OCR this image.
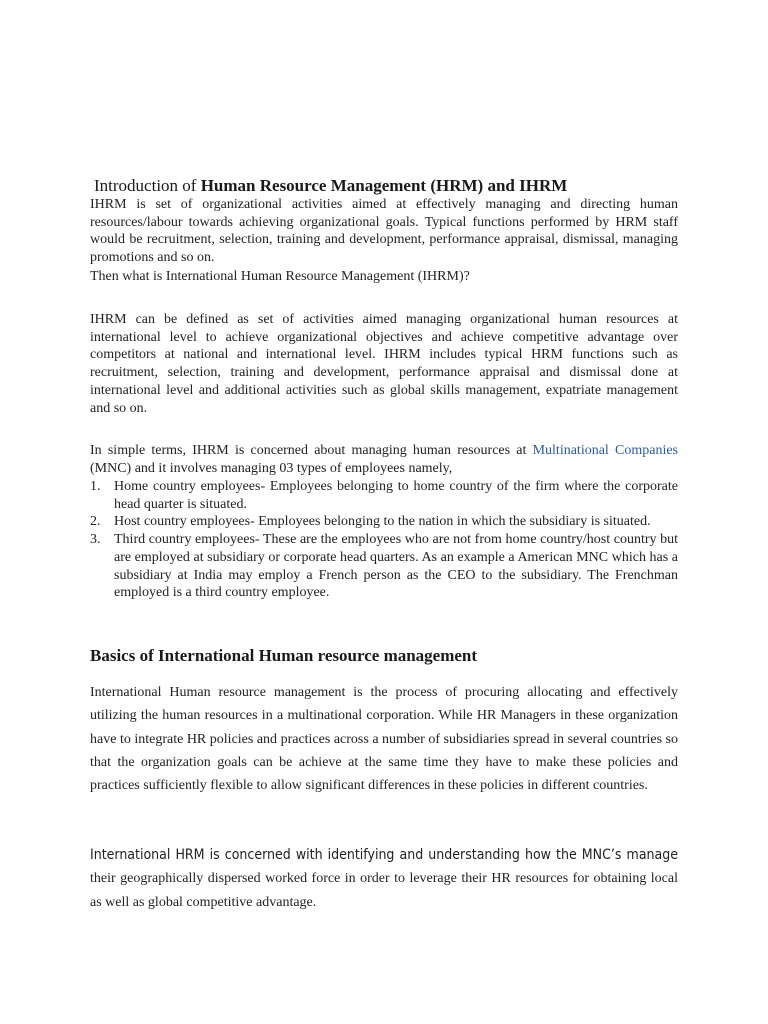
Introduction of Human Resource Management (HRM) and IHRM

IHRM is set of organizational activities aimed at effectively managing and directing human resources/labour towards achieving organizational goals. Typical functions performed by HRM staff would be recruitment, selection, training and development, performance appraisal, dismissal, managing promotions and so on.

Then what is International Human Resource Management (IHRM)?

IHRM can be defined as set of activities aimed managing organizational human resources at international level to achieve organizational objectives and achieve competitive advantage over competitors at national and international level. IHRM includes typical HRM functions such as recruitment, selection, training and development, performance appraisal and dismissal done at international level and additional activities such as global skills management, expatriate management and so on.

In simple terms, IHRM is concerned about managing human resources at Multinational Companies (MNC) and it involves managing 03 types of employees namely,

1. Home country employees- Employees belonging to home country of the firm where the corporate head quarter is situated.
2. Host country employees- Employees belonging to the nation in which the subsidiary is situated.
3. Third country employees- These are the employees who are not from home country/host country but are employed at subsidiary or corporate head quarters. As an example a American MNC which has a subsidiary at India may employ a French person as the CEO to the subsidiary. The Frenchman employed is a third country employee.
Basics of International Human resource management

International Human resource management is the process of procuring allocating and effectively utilizing the human resources in a multinational corporation. While HR Managers in these organization have to integrate HR policies and practices across a number of subsidiaries spread in several countries so that the organization goals can be achieve at the same time they have to make these policies and practices sufficiently flexible to allow significant differences in these policies in different countries.

International HRM is concerned with identifying and understanding how the MNC’s manage their geographically dispersed worked force in order to leverage their HR resources for obtaining local as well as global competitive advantage.
